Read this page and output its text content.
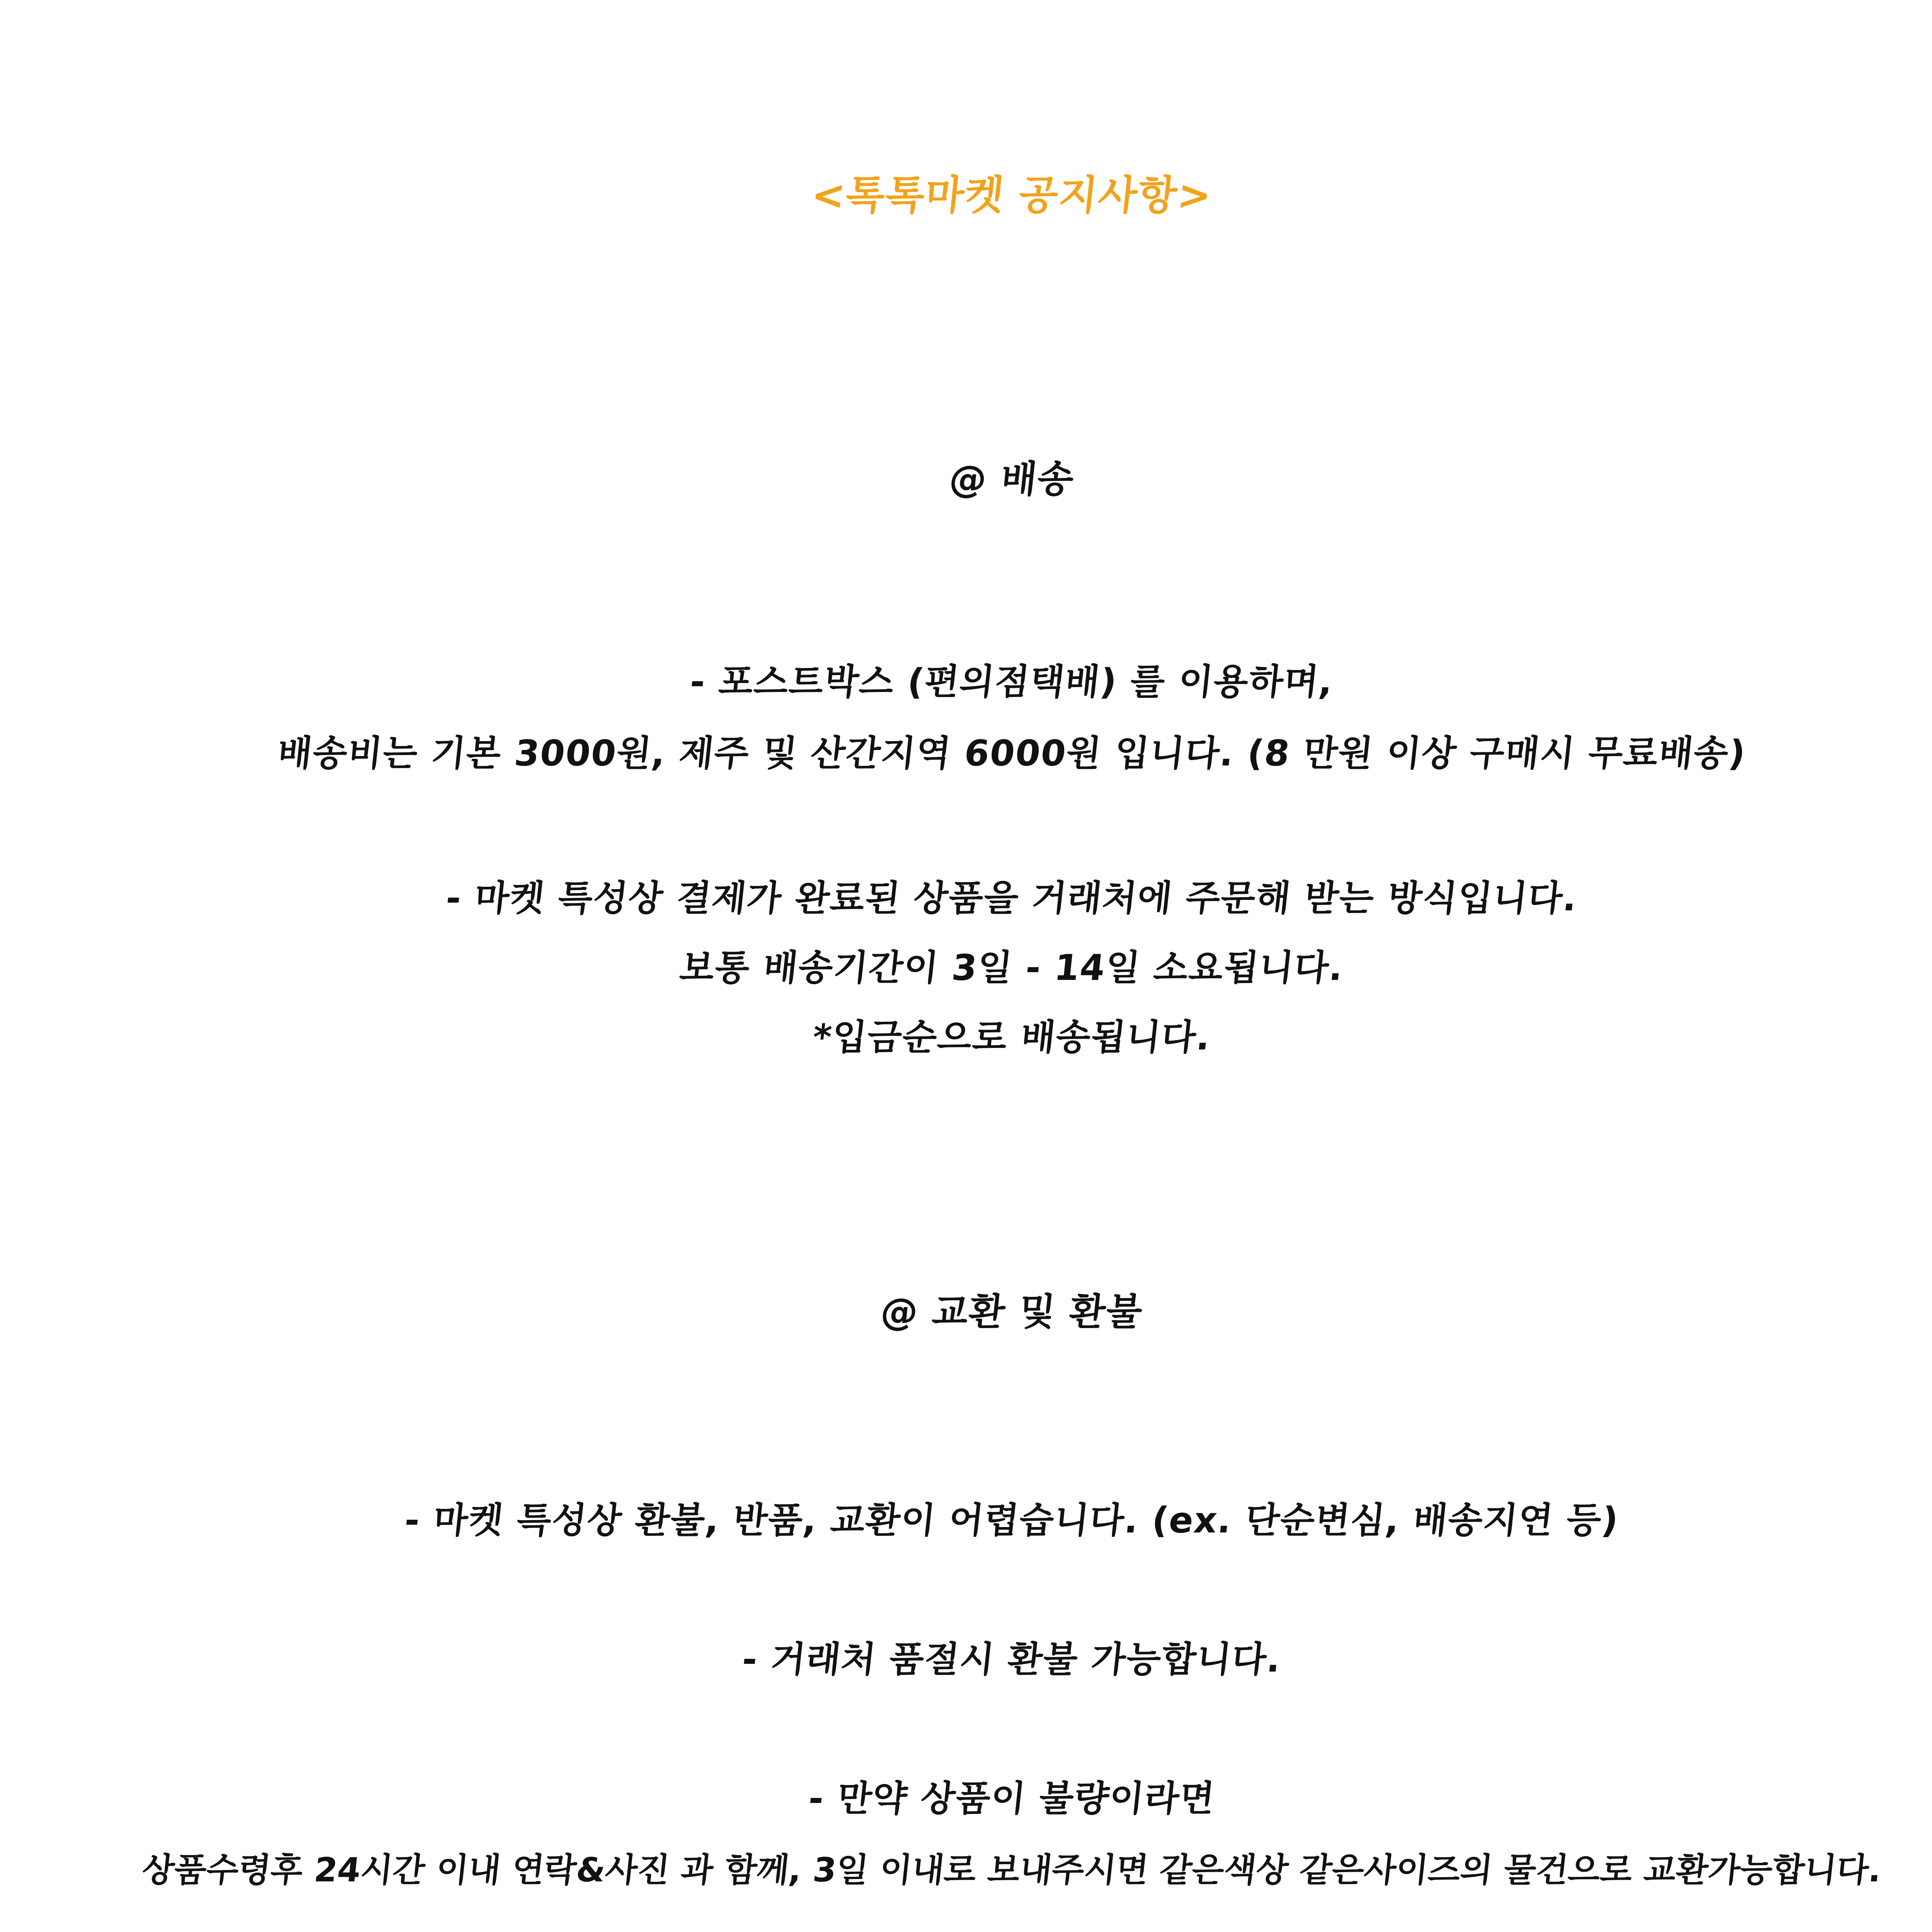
<톡톡마켓 공지사항>
@ 배송
- 포스트박스 (편의점택배) 를 이용하며,
배송비는 기본 3000원, 제주 및 산간지역 6000원 입니다. (8 만원 이상 구매시 무료배송)
- 마켓 특성상 결제가 완료된 상품을 거래처에 주문해 받는 방식입니다.
보통 배송기간이 3일 - 14일 소요됩니다.
*입금순으로 배송됩니다.
@ 교환 및 환불
- 마켓 특성상 환불, 반품, 교환이 어렵습니다. (ex. 단순변심, 배송지연 등)
- 거래처 품절시 환불 가능합니다.
- 만약 상품이 불량이라면
상품수령후 24시간 이내 연락&사진 과 함께, 3일 이내로 보내주시면 같은색상 같은사이즈의 물건으로 교환가능합니다.
